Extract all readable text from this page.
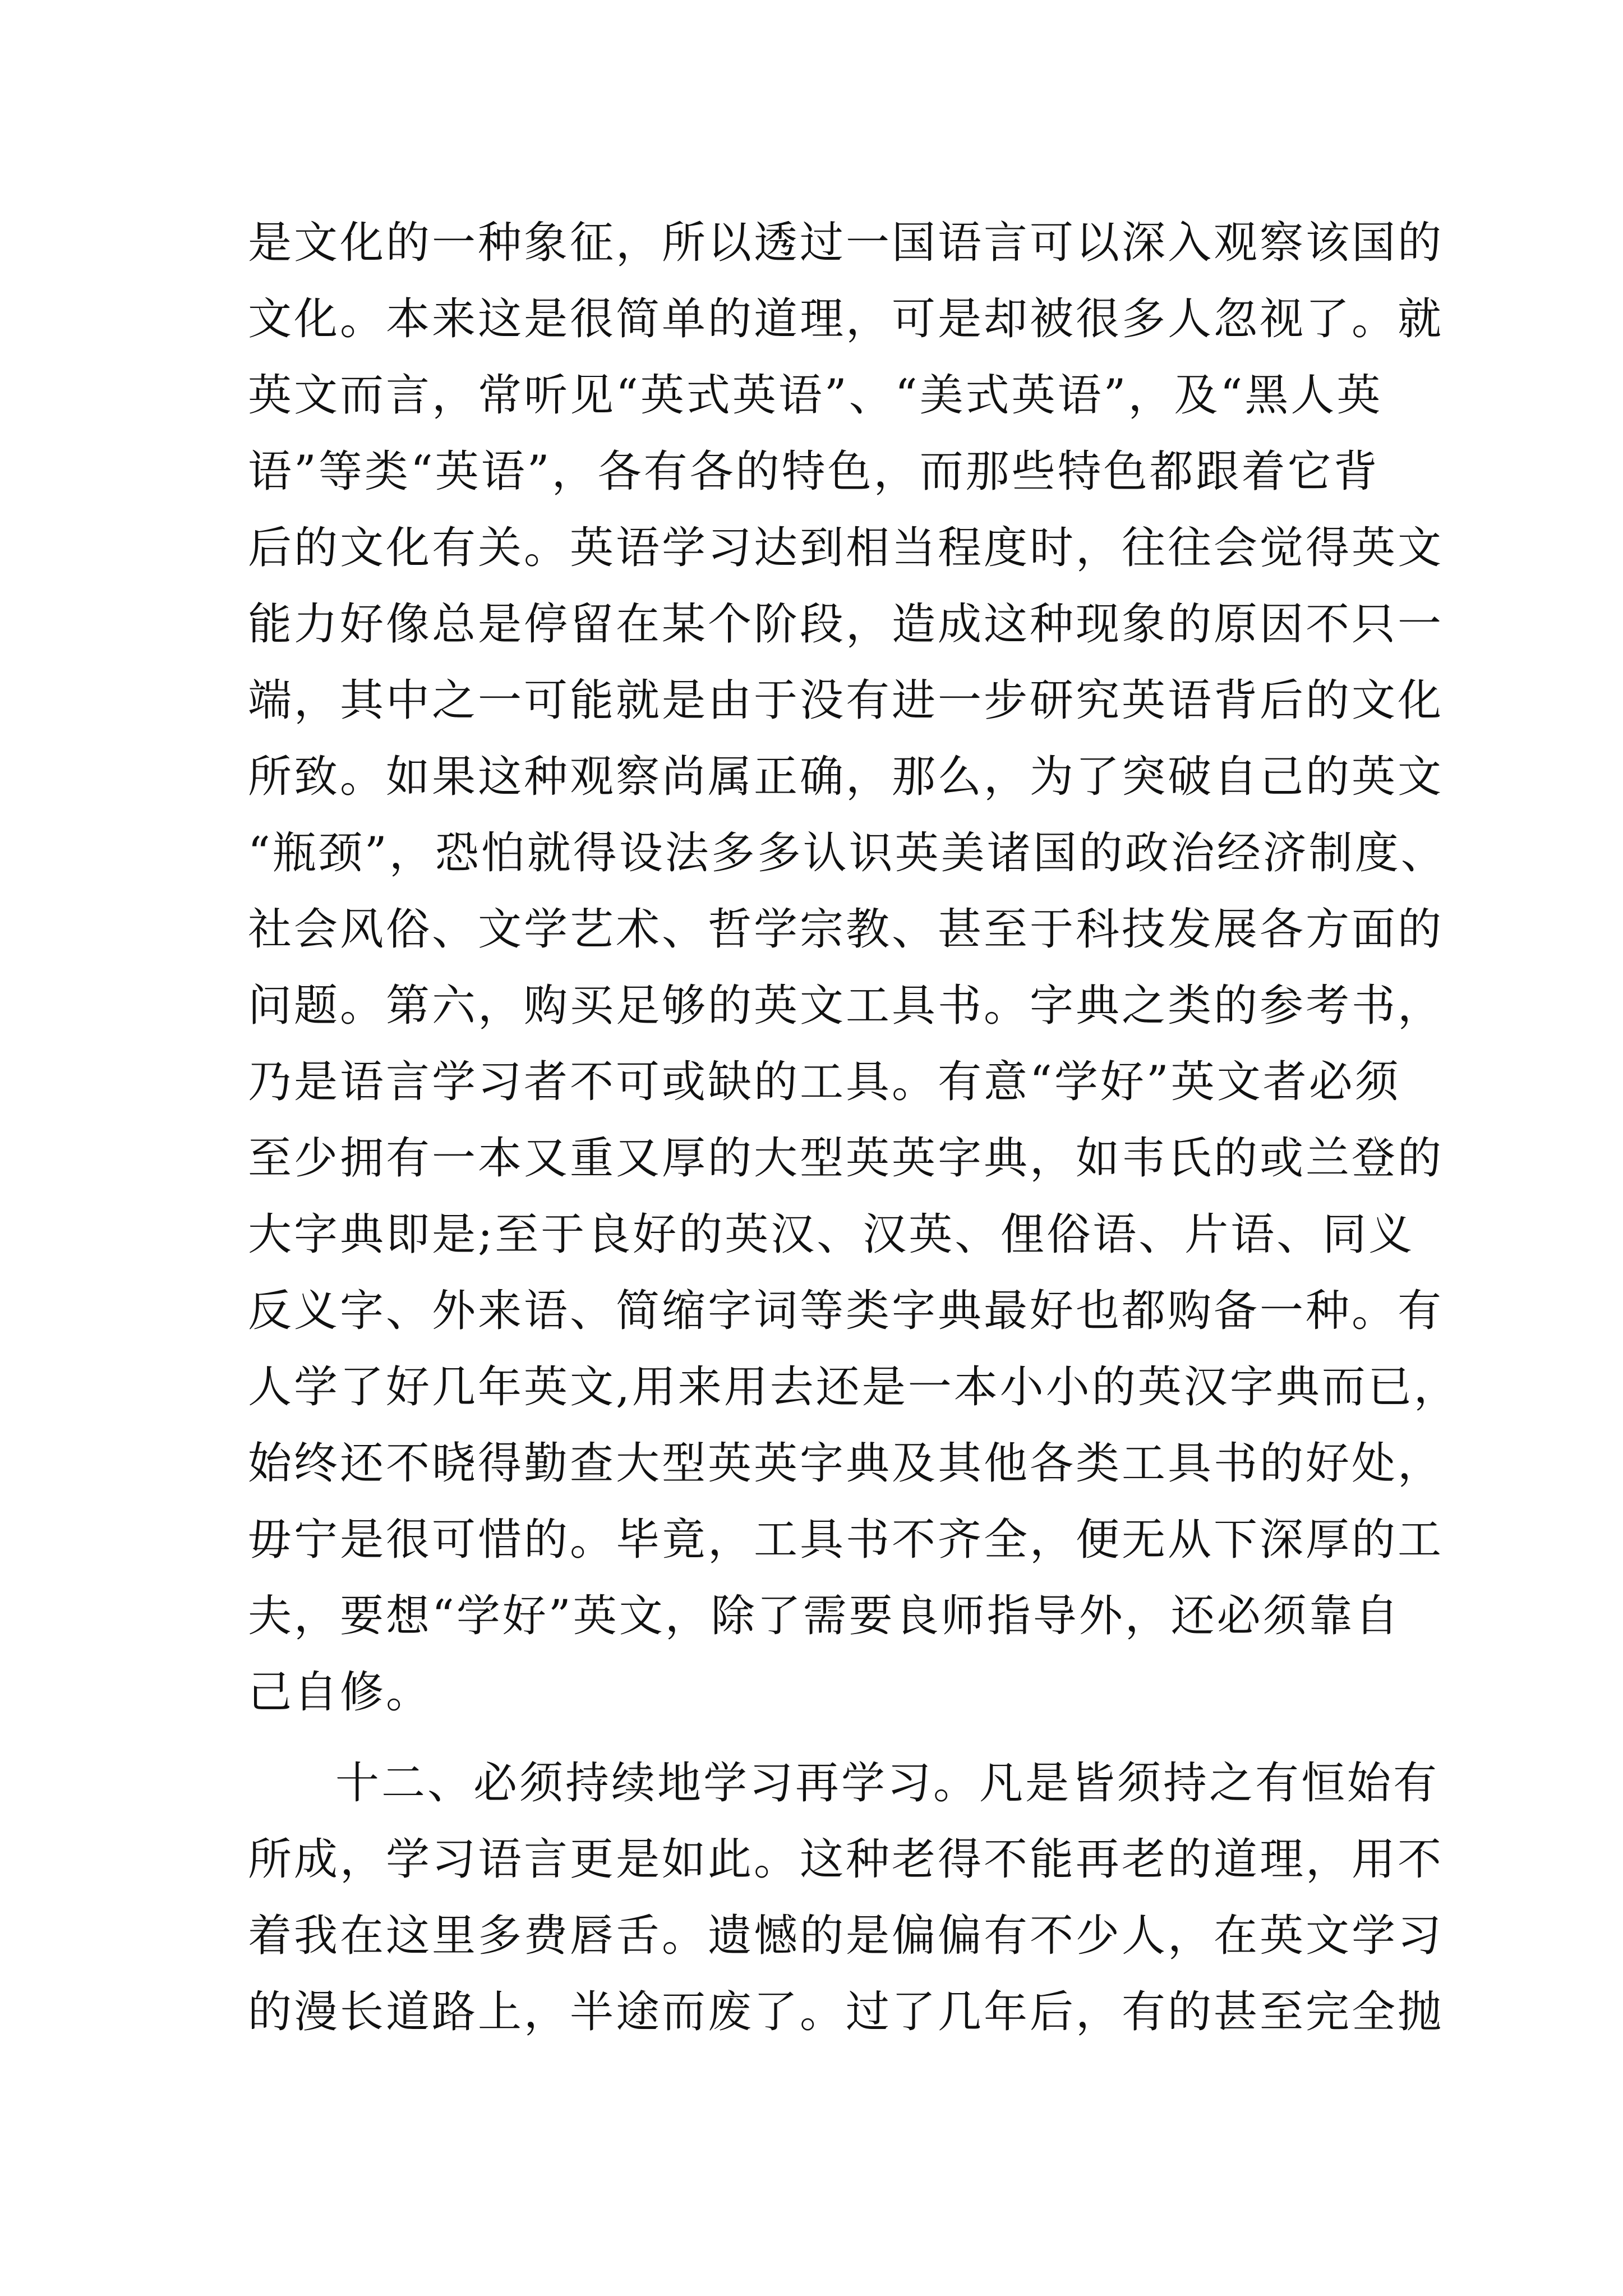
是文化的一种象征，所以透过一国语言可以深入观察该国的
文化。本来这是很简单的道理，可是却被很多人忽视了。就
英文而言，常听见“英式英语”、“美式英语”，及“黑人英
语”等类“英语”，各有各的特色，而那些特色都跟着它背
后的文化有关。英语学习达到相当程度时，往往会觉得英文
能力好像总是停留在某个阶段，造成这种现象的原因不只一
端，其中之一可能就是由于没有进一步研究英语背后的文化
所致。如果这种观察尚属正确，那么，为了突破自己的英文
“瓶颈”，恐怕就得设法多多认识英美诸国的政治经济制度、
社会风俗、文学艺术、哲学宗教、甚至于科技发展各方面的
问题。第六，购买足够的英文工具书。字典之类的参考书，
乃是语言学习者不可或缺的工具。有意“学好”英文者必须
至少拥有一本又重又厚的大型英英字典，如韦氏的或兰登的
大字典即是;至于良好的英汉、汉英、俚俗语、片语、同义
反义字、外来语、简缩字词等类字典最好也都购备一种。有
人学了好几年英文,用来用去还是一本小小的英汉字典而已，
始终还不晓得勤查大型英英字典及其他各类工具书的好处，
毋宁是很可惜的。毕竟，工具书不齐全，便无从下深厚的工
夫，要想“学好”英文，除了需要良师指导外，还必须靠自
己自修。
十二、必须持续地学习再学习。凡是皆须持之有恒始有
所成，学习语言更是如此。这种老得不能再老的道理，用不
着我在这里多费唇舌。遗憾的是偏偏有不少人，在英文学习
的漫长道路上，半途而废了。过了几年后，有的甚至完全抛
